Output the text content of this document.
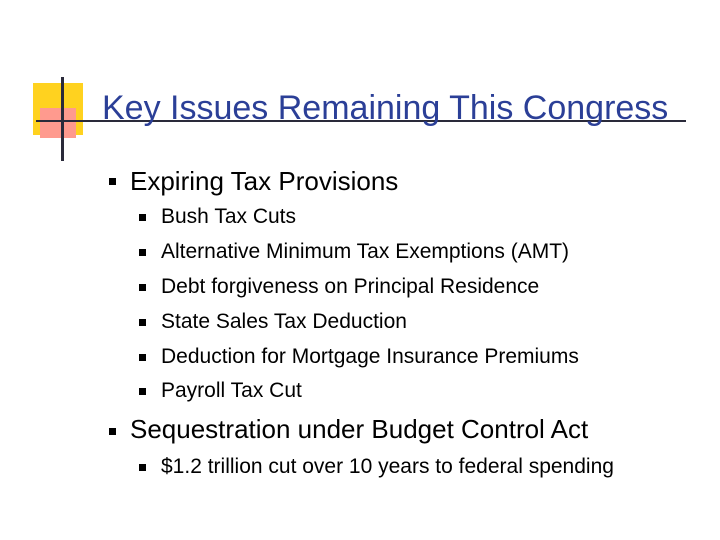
Key Issues Remaining This Congress
Expiring Tax Provisions
Bush Tax Cuts
Alternative Minimum Tax Exemptions (AMT)
Debt forgiveness on Principal Residence
State Sales Tax Deduction
Deduction for Mortgage Insurance Premiums
Payroll Tax Cut
Sequestration under Budget Control Act
$1.2 trillion cut over 10 years to federal spending
